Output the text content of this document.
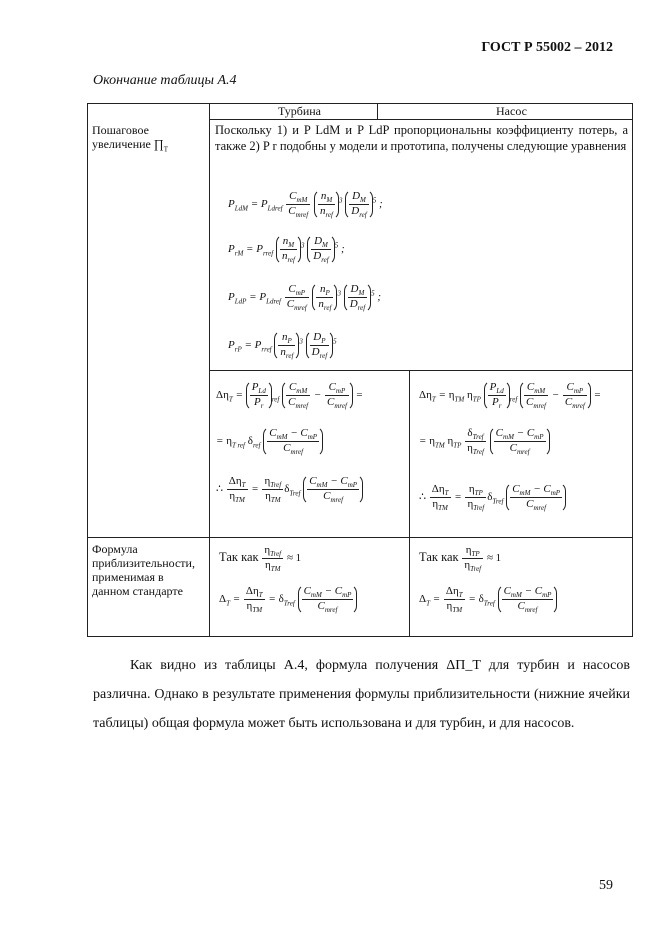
ГОСТ Р 55002 – 2012
Окончание таблицы А.4
Турбина	Насос
Пошаговое
увеличение $\prod_T$
Поскольку 1) и P LdM и P LdP пропорциональны коэффициенту потерь, а также 2) P r подобны у модели и прототипа, получены следующие уравнения
$P_{LdM} = P_{Ldref}$
$C_{mM}$
$C_{mref}$

$n_M$
$n_{ref}$
$^3$ $D_M$
$D_{ref}$
$^5$ ;
$P_{rM} = P_{rref}$
$n_M$
$n_{ref}$
$^3$ $D_M$
$D_{ref}$
$^5$ ;
$P_{LdP} = P_{Ldref}$
$C_{mP}$
$C_{mref}$

$n_P$
$n_{ref}$
$^3$ $D_M$
$D_{ref}$
$^5$ ;
$P_{rP} = P_{rref}$
$n_P$
$n_{ref}$
$^3$ $D_P$
$D_{ref}$
$^5$
$\Delta\eta_T$ =
$P_{Ld}$
$P_r$
$_{ref}$
$C_{mM}$
$C_{mref}$
−
$C_{mP}$
$C_{mref}$
=
= $\eta_{T ref}$ $\delta_{ref}$
$C_{mM} - C_{mP}$
$C_{mref}$
∴
$\Delta\eta_T$
$\eta_{TM}$
=
$\eta_{Tref}$
$\eta_{TM}$
$\delta_{Tref}$
$C_{mM} - C_{mP}$
$C_{mref}$
$\Delta\eta_T = \eta_{TM}$ $\eta_{TP}$
$P_{Ld}$
$P_r$
$_{ref}$
$C_{mM}$
$C_{mref}$
−
$C_{mP}$
$C_{mref}$
=
= $\eta_{TM}$ $\eta_{TP}$
$\delta_{Tref}$
$\eta_{Tref}$

$C_{mM} - C_{mP}$
$C_{mref}$
∴
$\Delta\eta_T$
$\eta_{TM}$
=
$\eta_{TP}$
$\eta_{Tref}$
$\delta_{Tref}$
$C_{mM} - C_{mP}$
$C_{mref}$
Формула
приблизительности,
применимая в
данном стандарте
Так как
$\eta_{Tref}$
$\eta_{TM}$
≈ 1
$\Delta_T$ =
$\Delta\eta_T$
$\eta_{TM}$
= $\delta_{Tref}$
$C_{mM} - C_{mP}$
$C_{mref}$
Так как
$\eta_{TP}$
$\eta_{Tref}$
≈ 1
$\Delta_T$ =
$\Delta\eta_T$
$\eta_{TM}$
= $\delta_{Tref}$
$C_{mM} - C_{mP}$
$C_{mref}$
Как видно из таблицы А.4, формула получения ΔП_T для турбин и насосов различна. Однако в результате применения формулы приблизительности (нижние ячейки таблицы) общая формула может быть использована и для турбин, и для насосов.
59
